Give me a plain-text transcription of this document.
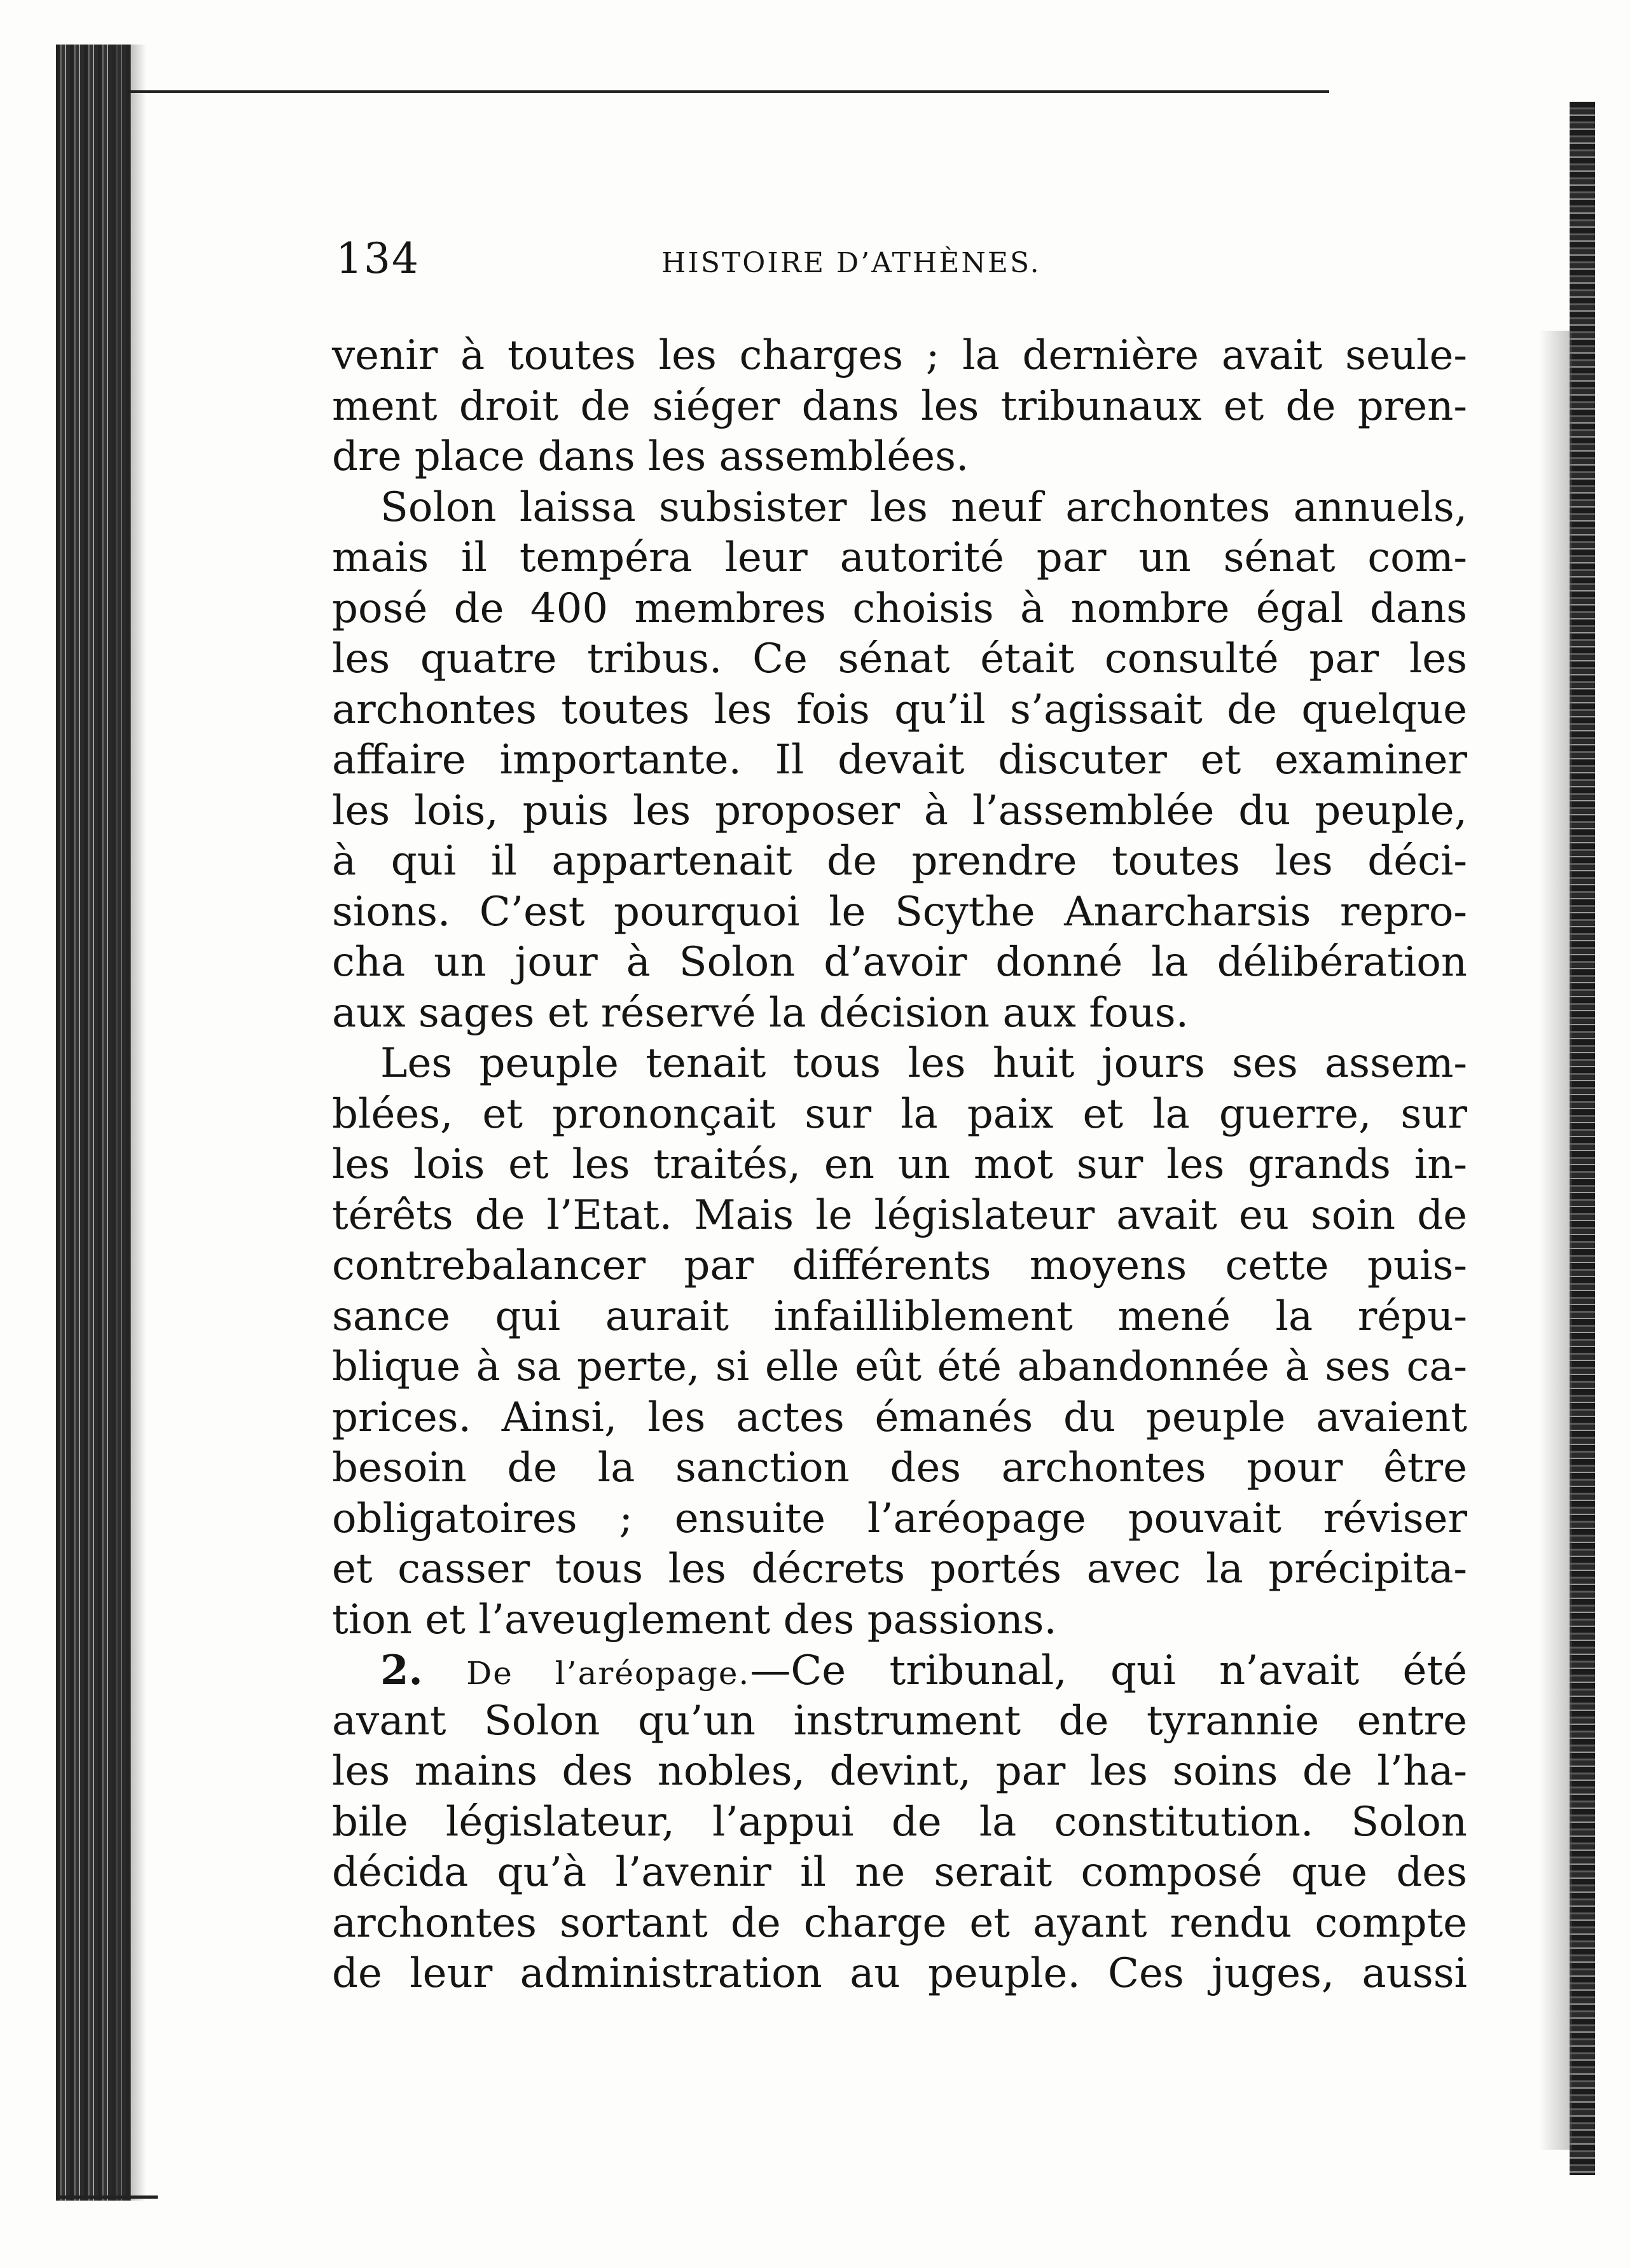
134	HISTOIRE D’ATHÈNES.
venir à toutes les charges ; la dernière avait seule-
ment droit de siéger dans les tribunaux et de pren-
dre place dans les assemblées.
Solon laissa subsister les neuf archontes annuels,
mais il tempéra leur autorité par un sénat com-
posé de 400 membres choisis à nombre égal dans
les quatre tribus. Ce sénat était consulté par les
archontes toutes les fois qu’il s’agissait de quelque
affaire importante. Il devait discuter et examiner
les lois, puis les proposer à l’assemblée du peuple,
à qui il appartenait de prendre toutes les déci-
sions. C’est pourquoi le Scythe Anarcharsis repro-
cha un jour à Solon d’avoir donné la délibération
aux sages et réservé la décision aux fous.
Les peuple tenait tous les huit jours ses assem-
blées, et prononçait sur la paix et la guerre, sur
les lois et les traités, en un mot sur les grands in-
térêts de l’Etat. Mais le législateur avait eu soin de
contrebalancer par différents moyens cette puis-
sance qui aurait infailliblement mené la répu-
blique à sa perte, si elle eût été abandonnée à ses ca-
prices. Ainsi, les actes émanés du peuple avaient
besoin de la sanction des archontes pour être
obligatoires ; ensuite l’aréopage pouvait réviser
et casser tous les décrets portés avec la précipita-
tion et l’aveuglement des passions.
2. De l’aréopage.—Ce tribunal, qui n’avait été
avant Solon qu’un instrument de tyrannie entre
les mains des nobles, devint, par les soins de l’ha-
bile législateur, l’appui de la constitution. Solon
décida qu’à l’avenir il ne serait composé que des
archontes sortant de charge et ayant rendu compte
de leur administration au peuple. Ces juges, aussi
